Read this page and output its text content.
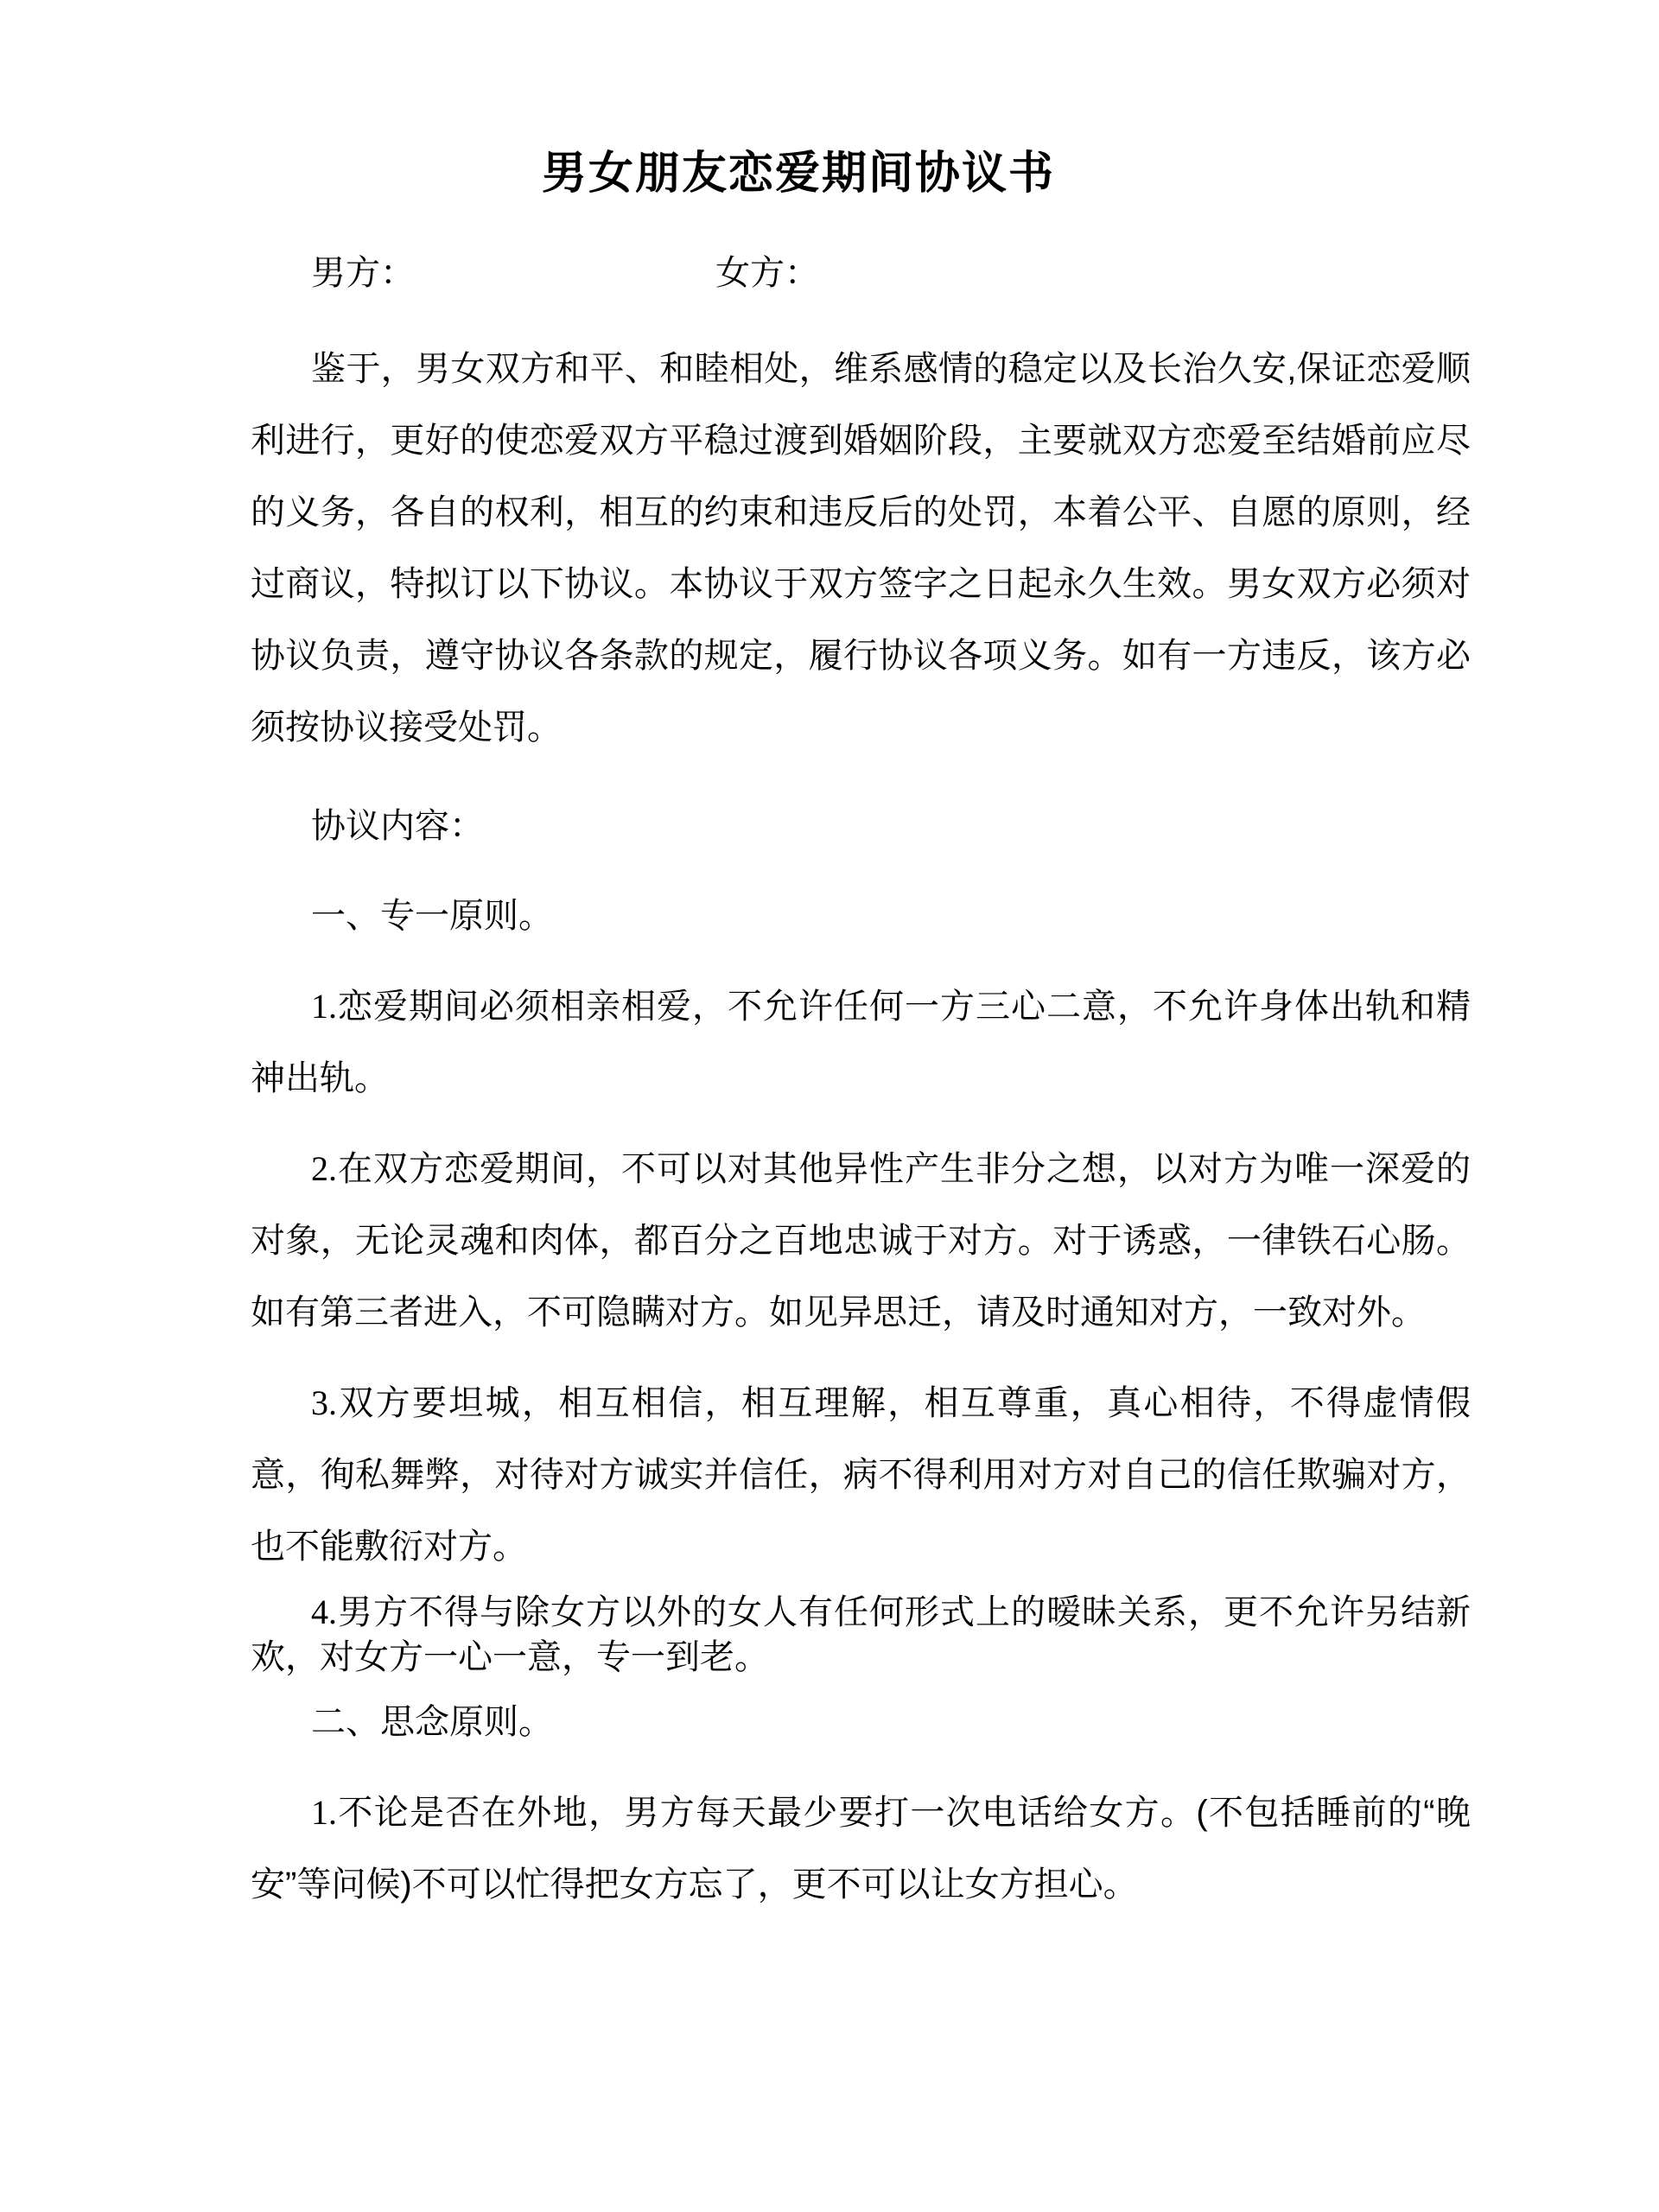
男女朋友恋爱期间协议书

男方：	女方：

鉴于，男女双方和平、和睦相处，维系感情的稳定以及长治久安,保证恋爱顺利进行，更好的使恋爱双方平稳过渡到婚姻阶段，主要就双方恋爱至结婚前应尽的义务，各自的权利，相互的约束和违反后的处罚，本着公平、自愿的原则，经过商议，特拟订以下协议。本协议于双方签字之日起永久生效。男女双方必须对协议负责，遵守协议各条款的规定，履行协议各项义务。如有一方违反，该方必须按协议接受处罚。

协议内容：

一、专一原则。

1.恋爱期间必须相亲相爱，不允许任何一方三心二意，不允许身体出轨和精神出轨。

2.在双方恋爱期间，不可以对其他异性产生非分之想，以对方为唯一深爱的对象，无论灵魂和肉体，都百分之百地忠诚于对方。对于诱惑，一律铁石心肠。如有第三者进入，不可隐瞒对方。如见异思迁，请及时通知对方，一致对外。

3.双方要坦城，相互相信，相互理解，相互尊重，真心相待，不得虚情假意，徇私舞弊，对待对方诚实并信任，病不得利用对方对自己的信任欺骗对方，也不能敷衍对方。

4.男方不得与除女方以外的女人有任何形式上的暧昧关系，更不允许另结新欢，对女方一心一意，专一到老。

二、思念原则。

1.不论是否在外地，男方每天最少要打一次电话给女方。(不包括睡前的“晚安”等问候)不可以忙得把女方忘了，更不可以让女方担心。
